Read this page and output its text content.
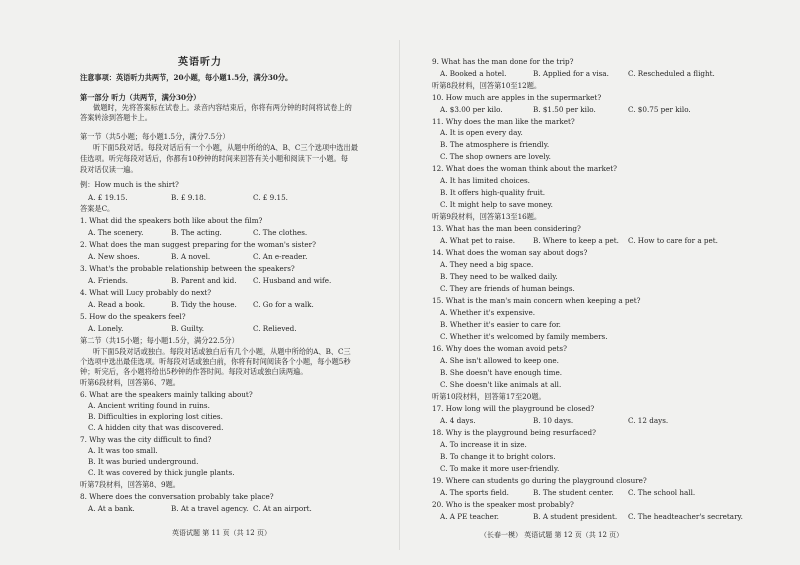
英语听力
注意事项：英语听力共两节，20小题，每小题1.5分，满分30分。
第一部分 听力（共两节，满分30分）
做题时，先将答案标在试卷上。录音内容结束后，你将有两分钟的时间将试卷上的
答案转涂到答题卡上。
第一节（共5小题；每小题1.5分，满分7.5分）
听下面5段对话。每段对话后有一个小题，从题中所给的A、B、C三个选项中选出最
佳选项。听完每段对话后，你都有10秒钟的时间来回答有关小题和阅读下一小题。每
段对话仅读一遍。
例：How much is the shirt?
A. £ 19.15.	B. £ 9.18.	C. £ 9.15.
答案是C。
1. What did the speakers both like about the film?
A. The scenery.	B. The acting.	C. The clothes.
2. What does the man suggest preparing for the woman's sister?
A. New shoes.	B. A novel.	C. An e-reader.
3. What's the probable relationship between the speakers?
A. Friends.	B. Parent and kid. C. Husband and wife.
4. What will Lucy probably do next?
A. Read a book.	B. Tidy the house. C. Go for a walk.
5. How do the speakers feel?
A. Lonely.	B. Guilty.	C. Relieved.
第二节（共15小题；每小题1.5分，满分22.5分）
听下面5段对话或独白。每段对话或独白后有几个小题，从题中所给的A、B、C三
个选项中选出最佳选项。听每段对话或独白前，你将有时间阅读各个小题，每小题5秒
钟；听完后，各小题将给出5秒钟的作答时间。每段对话或独白读两遍。
听第6段材料，回答第6、7题。
6. What are the speakers mainly talking about?
A. Ancient writing found in ruins.
B. Difficulties in exploring lost cities.
C. A hidden city that was discovered.
7. Why was the city difficult to find?
A. It was too small.
B. It was buried underground.
C. It was covered by thick jungle plants.
听第7段材料，回答第8、9题。
8. Where does the conversation probably take place?
A. At a bank.	B. At a travel agency. C. At an airport.
英语试题 第 11 页（共 12 页）
9. What has the man done for the trip?
A. Booked a hotel.	B. Applied for a visa.	C. Rescheduled a flight.
听第8段材料，回答第10至12题。
10. How much are apples in the supermarket?
A. $3.00 per kilo.	B. $1.50 per kilo.	C. $0.75 per kilo.
11. Why does the man like the market?
A. It is open every day.
B. The atmosphere is friendly.
C. The shop owners are lovely.
12. What does the woman think about the market?
A. It has limited choices.
B. It offers high-quality fruit.
C. It might help to save money.
听第9段材料，回答第13至16题。
13. What has the man been considering?
A. What pet to raise. B. Where to keep a pet. C. How to care for a pet.
14. What does the woman say about dogs?
A. They need a big space.
B. They need to be walked daily.
C. They are friends of human beings.
15. What is the man's main concern when keeping a pet?
A. Whether it's expensive.
B. Whether it's easier to care for.
C. Whether it's welcomed by family members.
16. Why does the woman avoid pets?
A. She isn't allowed to keep one.
B. She doesn't have enough time.
C. She doesn't like animals at all.
听第10段材料，回答第17至20题。
17. How long will the playground be closed?
A. 4 days.	B. 10 days.	C. 12 days.
18. Why is the playground being resurfaced?
A. To increase it in size.
B. To change it to bright colors.
C. To make it more user-friendly.
19. Where can students go during the playground closure?
A. The sports field.	B. The student center. C. The school hall.
20. Who is the speaker most probably?
A. A PE teacher.	B. A student president. C. The headteacher's secretary.
（长春一模） 英语试题 第 12 页（共 12 页）
